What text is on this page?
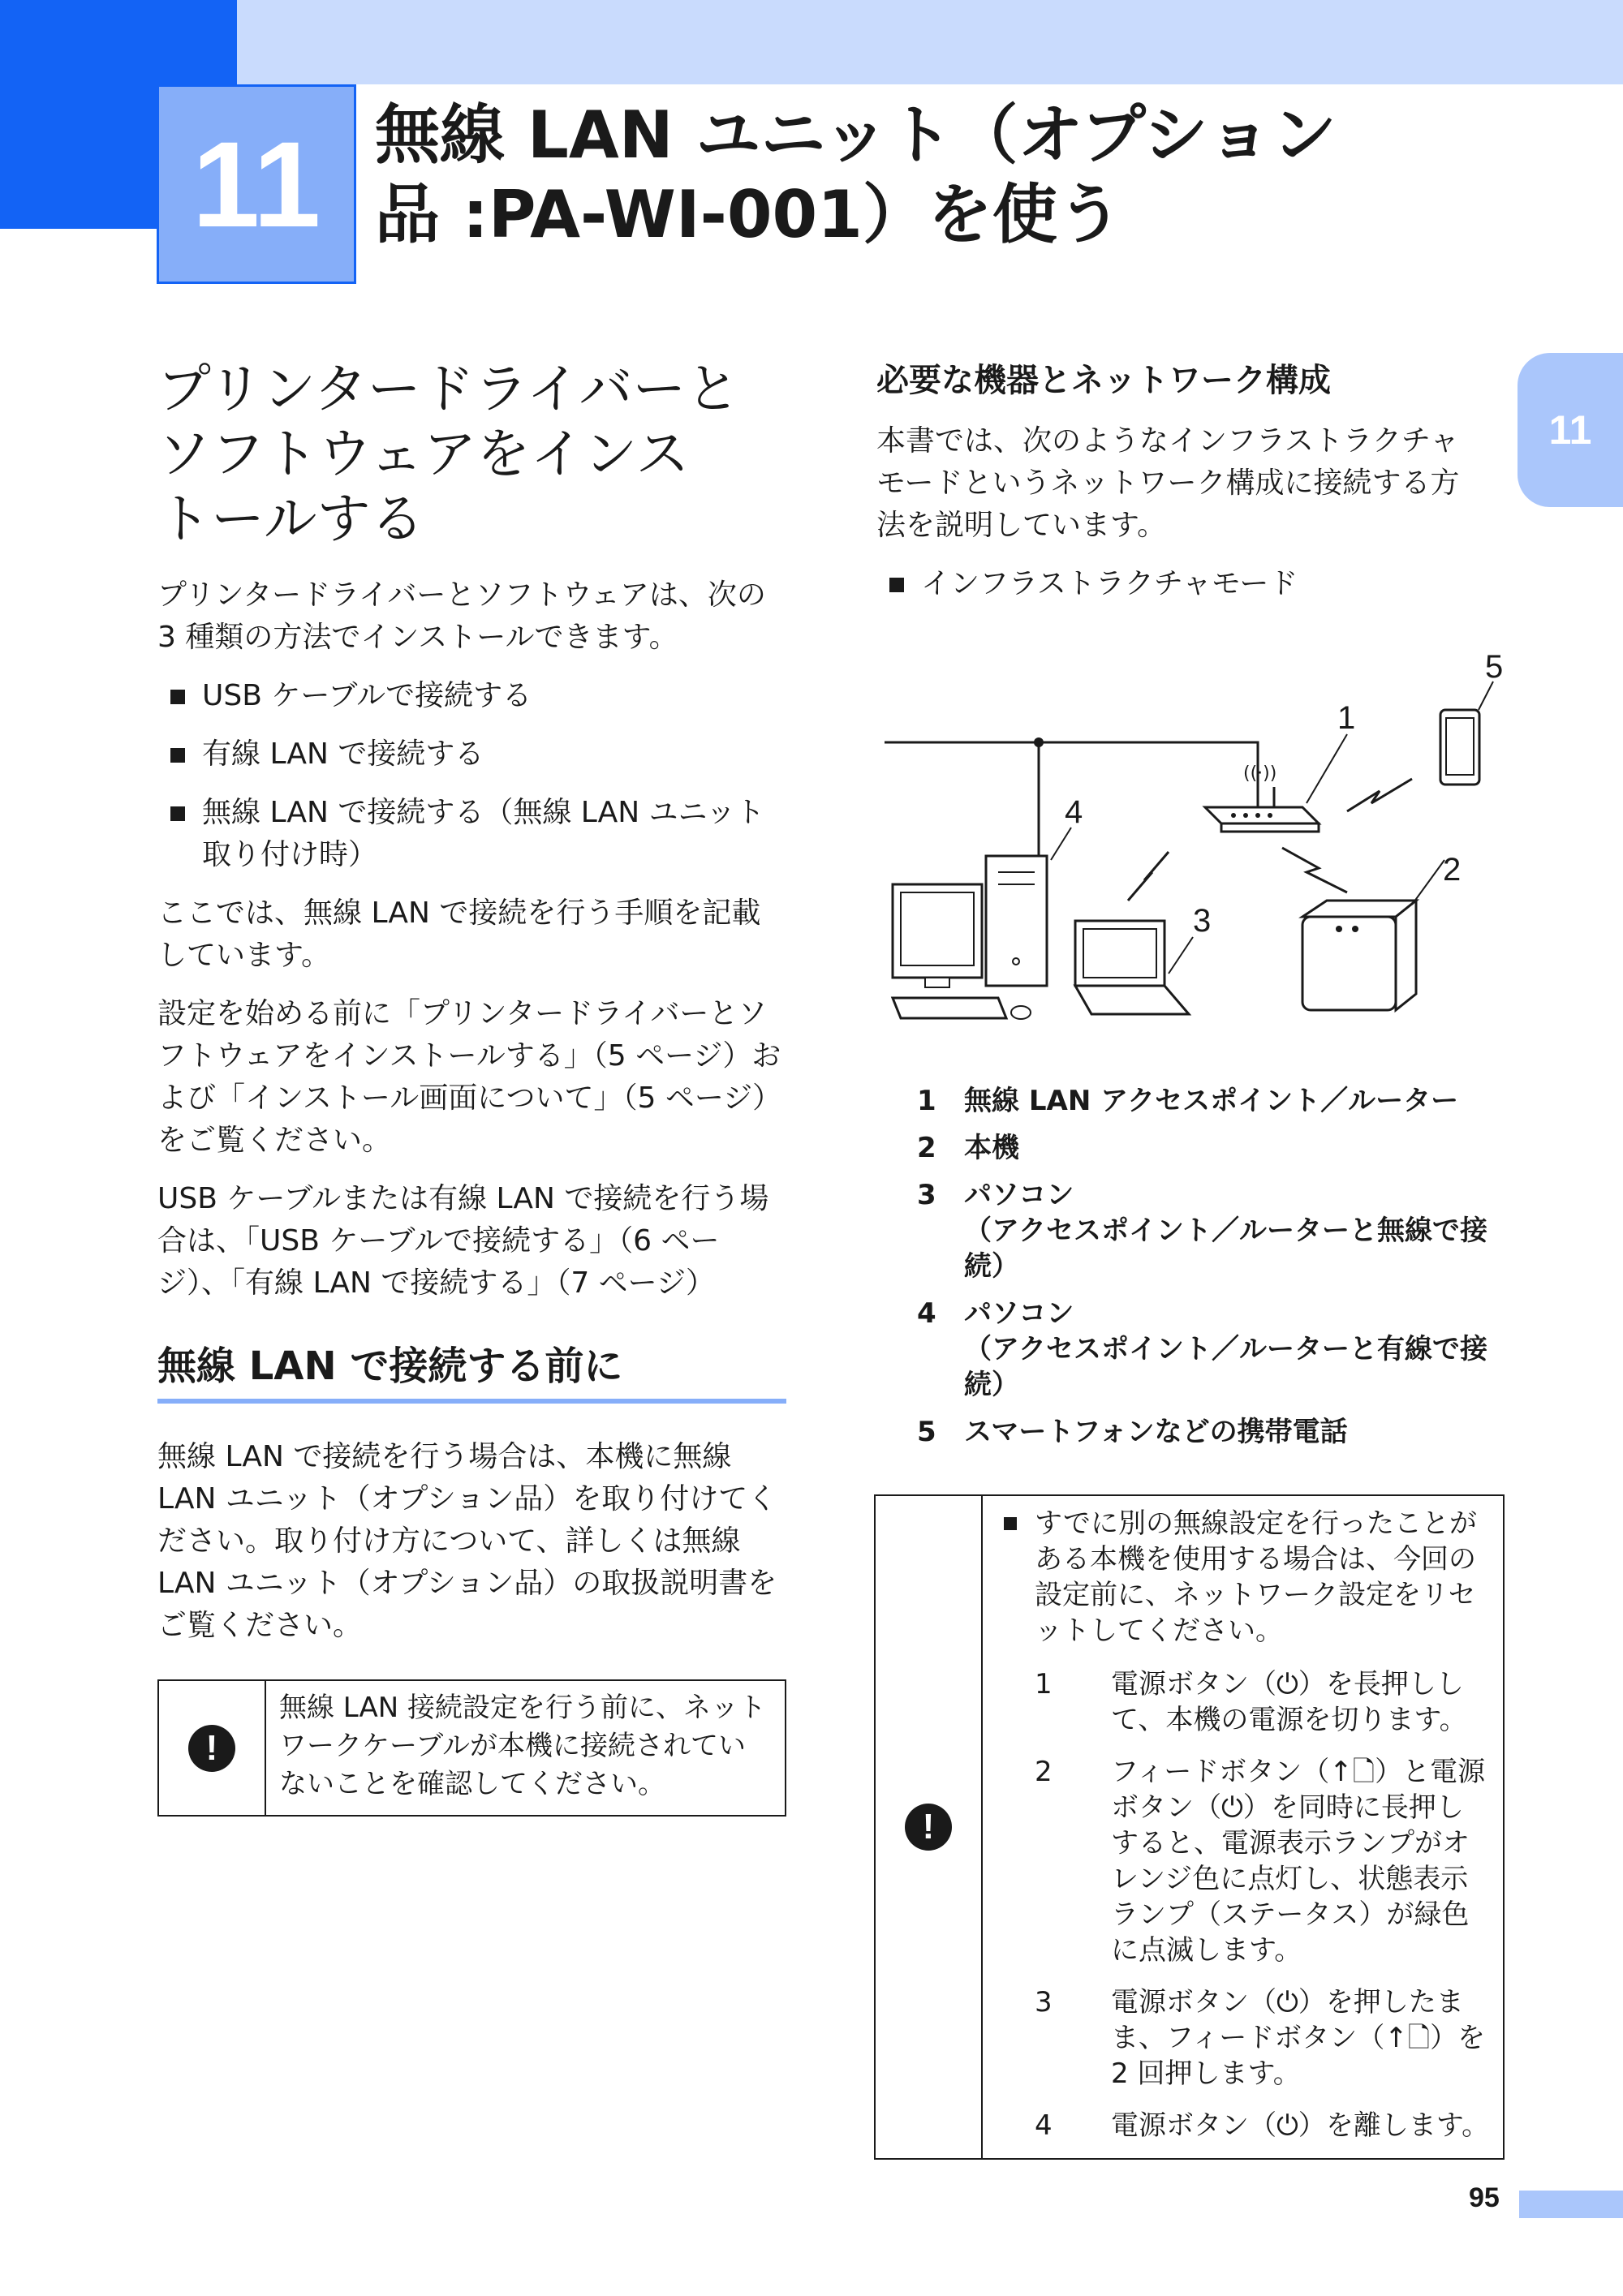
11 無線 LAN ユニット（オプション
品 :PA-WI-001）を使う
11
プリンタードライバーと
ソフトウェアをインス
トールする

プリンタードライバーとソフトウェアは、次の 3 種類の方法でインストールできます。

USB ケーブルで接続する
有線 LAN で接続する
無線 LAN で接続する（無線 LAN ユニット取り付け時）

ここでは、無線 LAN で接続を行う手順を記載しています。

設定を始める前に「プリンタードライバーとソフトウェアをインストールする」（5 ページ）および「インストール画面について」（5 ページ）をご覧ください。

USB ケーブルまたは有線 LAN で接続を行う場合は、「USB ケーブルで接続する」（6 ページ）、「有線 LAN で接続する」（7 ページ）

無線 LAN で接続する前に

無線 LAN で接続を行う場合は、本機に無線 LAN ユニット（オプション品）を取り付けてください。取り付け方について、詳しくは無線 LAN ユニット（オプション品）の取扱説明書をご覧ください。

!	無線 LAN 接続設定を行う前に、ネットワークケーブルが本機に接続されていないことを確認してください。
必要な機器とネットワーク構成

本書では、次のようなインフラストラクチャモードというネットワーク構成に接続する方法を説明しています。

インフラストラクチャモード
((·))
1
5
4
3
2
1 無線 LAN アクセスポイント／ルーター
2 本機
3 パソコン
（アクセスポイント／ルーターと無線で接続）
4 パソコン
（アクセスポイント／ルーターと有線で接続）
5 スマートフォンなどの携帯電話
!	
すでに別の無線設定を行ったことがある本機を使用する場合は、今回の設定前に、ネットワーク設定をリセットしてください。
1 電源ボタン（⏻）を長押しして、本機の電源を切ります。
2 フィードボタン（↑🗋）と電源ボタン（⏻）を同時に長押しすると、電源表示ランプがオレンジ色に点灯し、状態表示ランプ（ステータス）が緑色に点滅します。
3 電源ボタン（⏻）を押したまま、フィードボタン（↑🗋）を 2 回押します。
4 電源ボタン（⏻）を離します。
95
